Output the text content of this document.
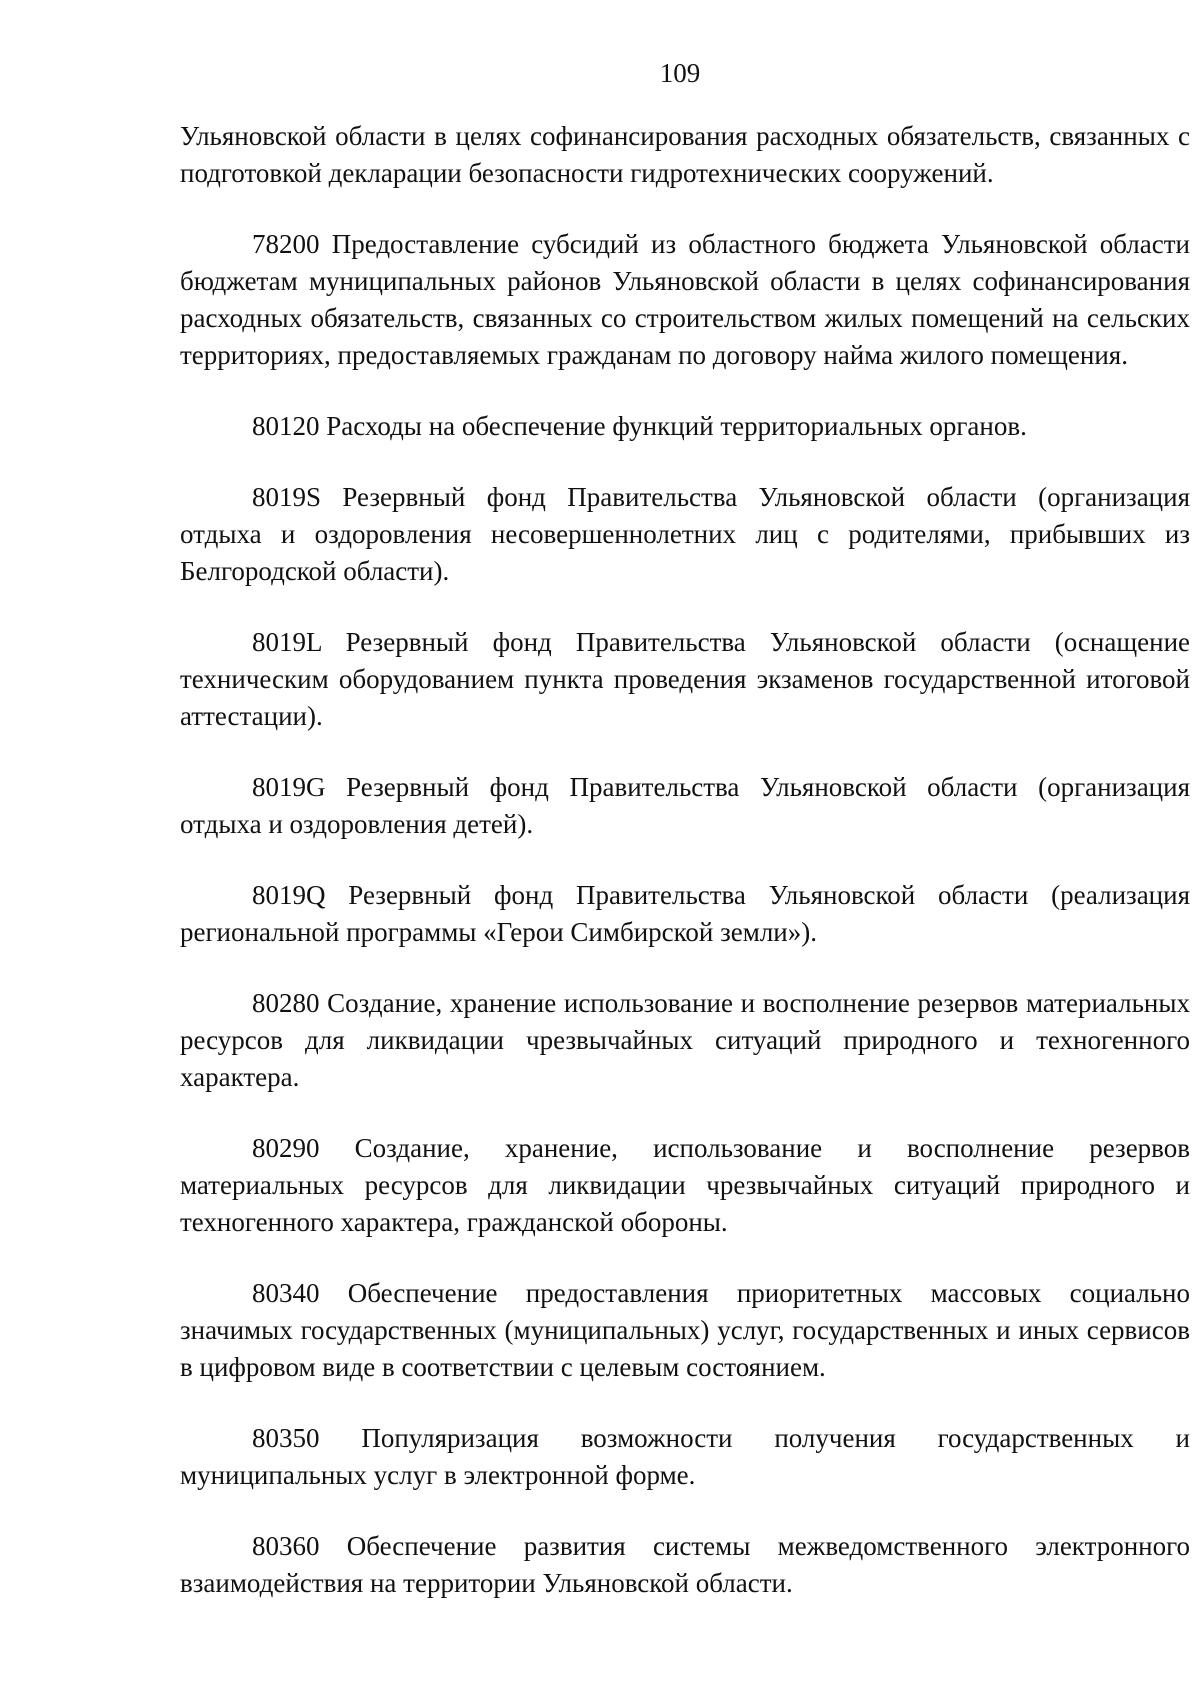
109

Ульяновской области в целях софинансирования расходных обязательств, связанных с подготовкой декларации безопасности гидротехнических сооружений.

78200 Предоставление субсидий из областного бюджета Ульяновской области бюджетам муниципальных районов Ульяновской области в целях софинансирования расходных обязательств, связанных со строительством жилых помещений на сельских территориях, предоставляемых гражданам по договору найма жилого помещения.

80120 Расходы на обеспечение функций территориальных органов.

8019S Резервный фонд Правительства Ульяновской области (организация отдыха и оздоровления несовершеннолетних лиц с родителями, прибывших из Белгородской области).

8019L Резервный фонд Правительства Ульяновской области (оснащение техническим оборудованием пункта проведения экзаменов государственной итоговой аттестации).

8019G Резервный фонд Правительства Ульяновской области (организация отдыха и оздоровления детей).

8019Q Резервный фонд Правительства Ульяновской области (реализация региональной программы «Герои Симбирской земли»).

80280 Создание, хранение использование и восполнение резервов материальных ресурсов для ликвидации чрезвычайных ситуаций природного и техногенного характера.

80290 Создание, хранение, использование и восполнение резервов материальных ресурсов для ликвидации чрезвычайных ситуаций природного и техногенного характера, гражданской обороны.

80340 Обеспечение предоставления приоритетных массовых социально значимых государственных (муниципальных) услуг, государственных и иных сервисов в цифровом виде в соответствии с целевым состоянием.

80350 Популяризация возможности получения государственных и муниципальных услуг в электронной форме.

80360 Обеспечение развития системы межведомственного электронного взаимодействия на территории Ульяновской области.
